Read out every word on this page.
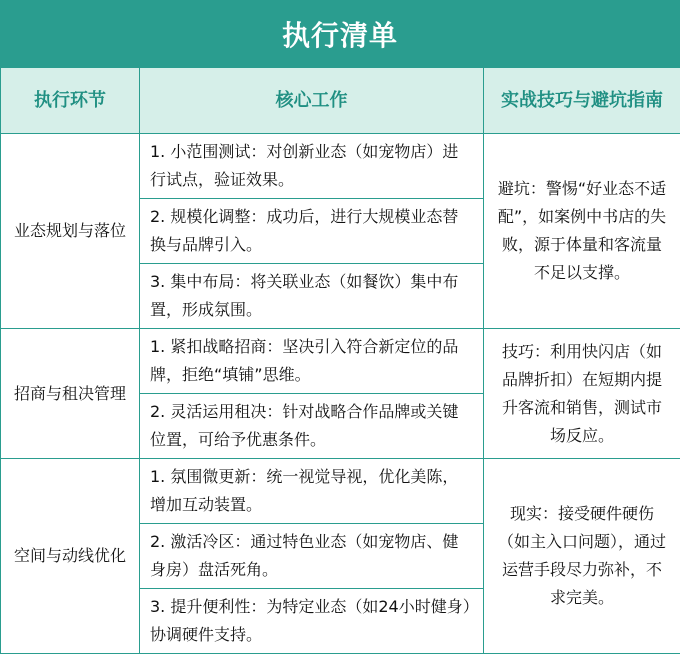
执行清单
执行环节	核心工作	实战技巧与避坑指南
业态规划与落位	1. 小范围测试：对创新业态（如宠物店）进行试点，验证效果。	避坑：警惕“好业态不适配”，如案例中书店的失败，源于体量和客流量不足以支撑。
	2. 规模化调整：成功后，进行大规模业态替换与品牌引入。	
	3. 集中布局：将关联业态（如餐饮）集中布置，形成氛围。	
招商与租决管理	1. 紧扣战略招商：坚决引入符合新定位的品牌，拒绝“填铺”思维。	技巧：利用快闪店（如品牌折扣）在短期内提升客流和销售，测试市场反应。
	2. 灵活运用租决：针对战略合作品牌或关键位置，可给予优惠条件。	
空间与动线优化	1. 氛围微更新：统一视觉导视，优化美陈，增加互动装置。	现实：接受硬件硬伤（如主入口问题），通过运营手段尽力弥补，不求完美。
	2. 激活冷区：通过特色业态（如宠物店、健身房）盘活死角。	
	3. 提升便利性：为特定业态（如24小时健身）协调硬件支持。	
